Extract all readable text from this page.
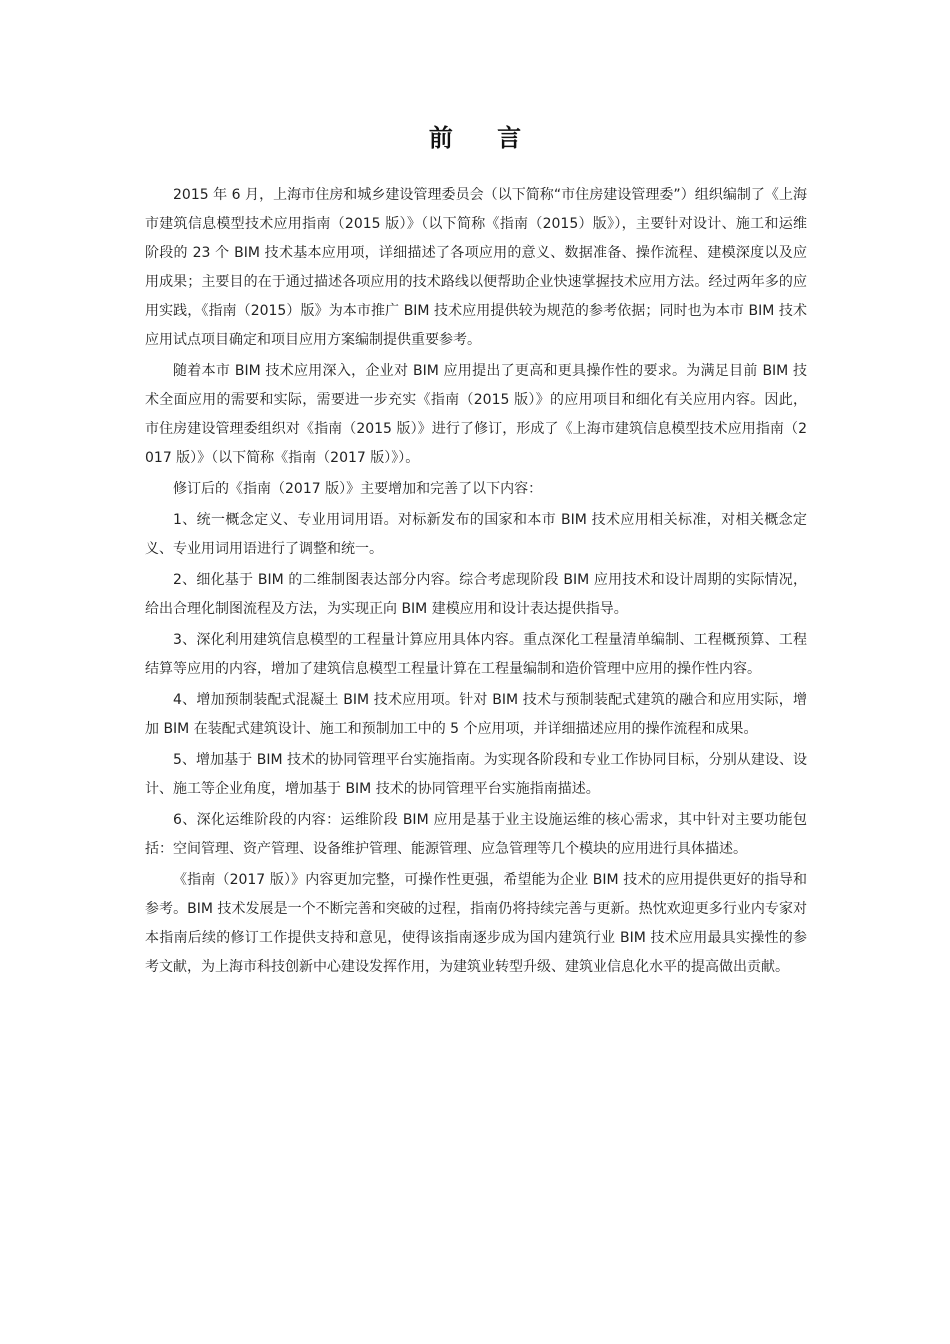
前 言

2015 年 6 月，上海市住房和城乡建设管理委员会（以下简称“市住房建设管理委”）组织编制了《上海市建筑信息模型技术应用指南（2015 版）》（以下简称《指南（2015）版》），主要针对设计、施工和运维阶段的 23 个 BIM 技术基本应用项，详细描述了各项应用的意义、数据准备、操作流程、建模深度以及应用成果；主要目的在于通过描述各项应用的技术路线以便帮助企业快速掌握技术应用方法。经过两年多的应用实践，《指南（2015）版》为本市推广 BIM 技术应用提供较为规范的参考依据；同时也为本市 BIM 技术应用试点项目确定和项目应用方案编制提供重要参考。

随着本市 BIM 技术应用深入，企业对 BIM 应用提出了更高和更具操作性的要求。为满足目前 BIM 技术全面应用的需要和实际，需要进一步充实《指南（2015 版）》的应用项目和细化有关应用内容。因此，市住房建设管理委组织对《指南（2015 版）》进行了修订，形成了《上海市建筑信息模型技术应用指南（2017 版）》（以下简称《指南（2017 版）》）。

修订后的《指南（2017 版）》主要增加和完善了以下内容：

1、统一概念定义、专业用词用语。对标新发布的国家和本市 BIM 技术应用相关标准，对相关概念定义、专业用词用语进行了调整和统一。

2、细化基于 BIM 的二维制图表达部分内容。综合考虑现阶段 BIM 应用技术和设计周期的实际情况，给出合理化制图流程及方法，为实现正向 BIM 建模应用和设计表达提供指导。

3、深化利用建筑信息模型的工程量计算应用具体内容。重点深化工程量清单编制、工程概预算、工程结算等应用的内容，增加了建筑信息模型工程量计算在工程量编制和造价管理中应用的操作性内容。

4、增加预制装配式混凝土 BIM 技术应用项。针对 BIM 技术与预制装配式建筑的融合和应用实际，增加 BIM 在装配式建筑设计、施工和预制加工中的 5 个应用项，并详细描述应用的操作流程和成果。

5、增加基于 BIM 技术的协同管理平台实施指南。为实现各阶段和专业工作协同目标，分别从建设、设计、施工等企业角度，增加基于 BIM 技术的协同管理平台实施指南描述。

6、深化运维阶段的内容：运维阶段 BIM 应用是基于业主设施运维的核心需求，其中针对主要功能包括：空间管理、资产管理、设备维护管理、能源管理、应急管理等几个模块的应用进行具体描述。

《指南（2017 版）》内容更加完整，可操作性更强，希望能为企业 BIM 技术的应用提供更好的指导和参考。BIM 技术发展是一个不断完善和突破的过程，指南仍将持续完善与更新。热忱欢迎更多行业内专家对本指南后续的修订工作提供支持和意见，使得该指南逐步成为国内建筑行业 BIM 技术应用最具实操性的参考文献，为上海市科技创新中心建设发挥作用，为建筑业转型升级、建筑业信息化水平的提高做出贡献。
